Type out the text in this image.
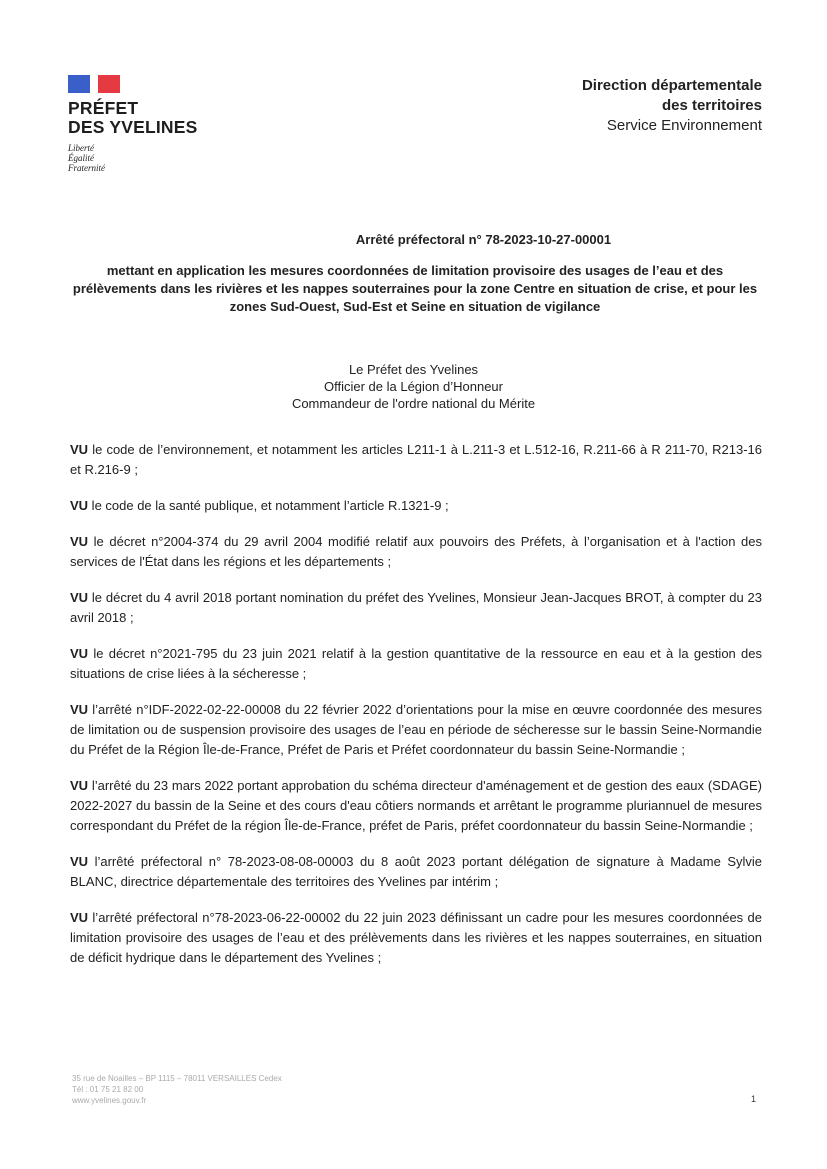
PRÉFET
DES YVELINES
Liberté
Égalité
Fraternité
Direction départementale
des territoires
Service Environnement
Arrêté préfectoral n° 78-2023-10-27-00001
mettant en application les mesures coordonnées de limitation provisoire des usages de l’eau et des prélèvements dans les rivières et les nappes souterraines pour la zone Centre en situation de crise, et pour les zones Sud-Ouest, Sud-Est et Seine en situation de vigilance
Le Préfet des Yvelines
Officier de la Légion d’Honneur
Commandeur de l'ordre national du Mérite

VU le code de l’environnement, et notamment les articles L211-1 à L.211-3 et L.512-16, R.211-66 à R 211-70, R213-16 et R.216-9 ;

VU le code de la santé publique, et notamment l’article R.1321-9 ;

VU le décret n°2004-374 du 29 avril 2004 modifié relatif aux pouvoirs des Préfets, à l’organisation et à l'action des services de l'État dans les régions et les départements ;

VU le décret du 4 avril 2018 portant nomination du préfet des Yvelines, Monsieur Jean-Jacques BROT, à compter du 23 avril 2018 ;

VU le décret n°2021-795 du 23 juin 2021 relatif à la gestion quantitative de la ressource en eau et à la gestion des situations de crise liées à la sécheresse ;

VU l’arrêté n°IDF-2022-02-22-00008 du 22 février 2022 d’orientations pour la mise en œuvre coordonnée des mesures de limitation ou de suspension provisoire des usages de l’eau en période de sécheresse sur le bassin Seine-Normandie du Préfet de la Région Île-de-France, Préfet de Paris et Préfet coordonnateur du bassin Seine-Normandie ;

VU l’arrêté du 23 mars 2022 portant approbation du schéma directeur d'aménagement et de gestion des eaux (SDAGE) 2022-2027 du bassin de la Seine et des cours d'eau côtiers normands et arrêtant le programme pluriannuel de mesures correspondant du Préfet de la région Île-de-France, préfet de Paris, préfet coordonnateur du bassin Seine-Normandie ;

VU l’arrêté préfectoral n° 78-2023-08-08-00003 du 8 août 2023 portant délégation de signature à Madame Sylvie BLANC, directrice départementale des territoires des Yvelines par intérim ;

VU l’arrêté préfectoral n°78-2023-06-22-00002 du 22 juin 2023 définissant un cadre pour les mesures coordonnées de limitation provisoire des usages de l’eau et des prélèvements dans les rivières et les nappes souterraines, en situation de déficit hydrique dans le département des Yvelines ;

35 rue de Noailles – BP 1115 – 78011 VERSAILLES Cedex
Tél : 01 75 21 82 00
www.yvelines.gouv.fr	1
